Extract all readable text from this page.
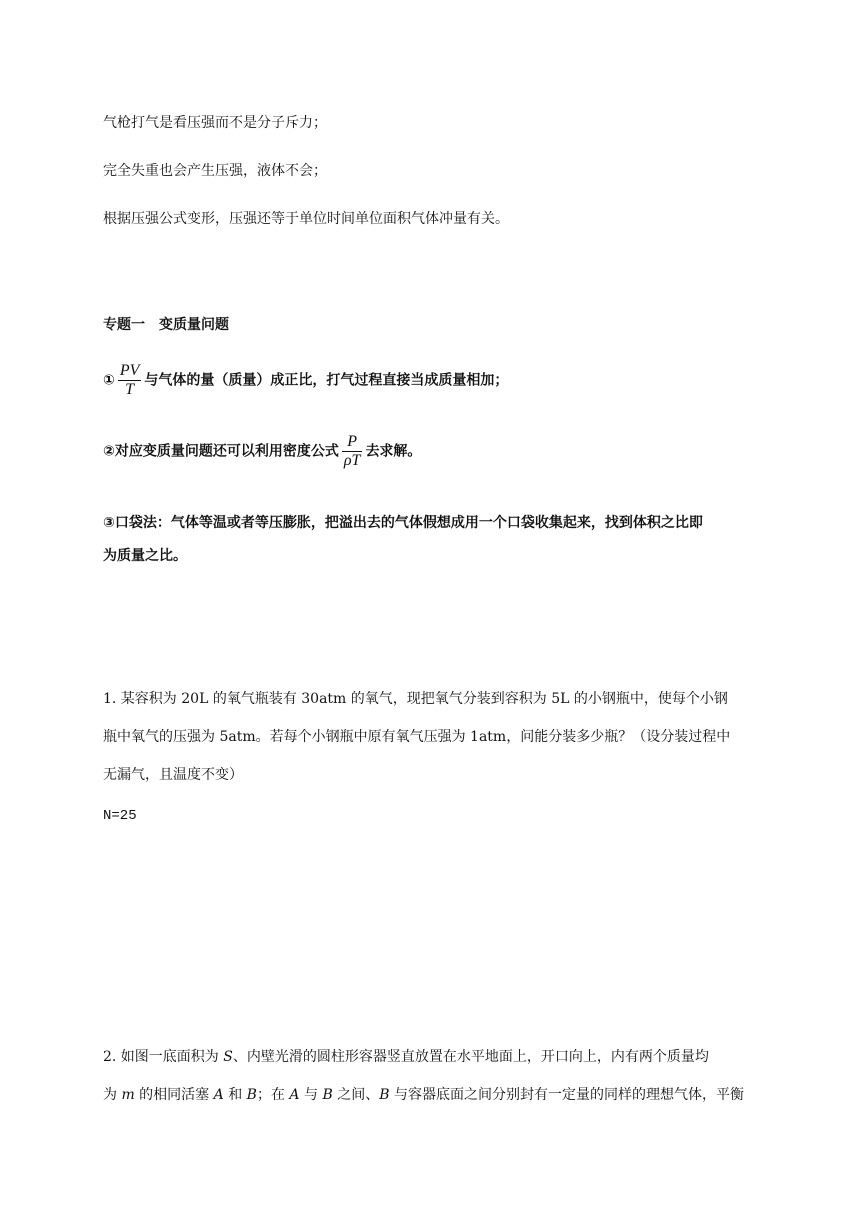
气枪打气是看压强而不是分子斥力；
完全失重也会产生压强，液体不会；
根据压强公式变形，压强还等于单位时间单位面积气体冲量有关。
专题一　变质量问题
① $\frac{PV}{T}$ 与气体的量（质量）成正比，打气过程直接当成质量相加；
②对应变质量问题还可以利用密度公式 $\frac{P}{\rho T}$ 去求解。
③口袋法：气体等温或者等压膨胀，把溢出去的气体假想成用一个口袋收集起来，找到体积之比即
为质量之比。
1. 某容积为 20L 的氧气瓶装有 30atm 的氧气，现把氧气分装到容积为 5L 的小钢瓶中，使每个小钢
瓶中氧气的压强为 5atm。若每个小钢瓶中原有氧气压强为 1atm，问能分装多少瓶？（设分装过程中
无漏气，且温度不变）
N=25
2. 如图一底面积为 S、内壁光滑的圆柱形容器竖直放置在水平地面上，开口向上，内有两个质量均
为 m 的相同活塞 A 和 B；在 A 与 B 之间、B 与容器底面之间分别封有一定量的同样的理想气体，平衡
